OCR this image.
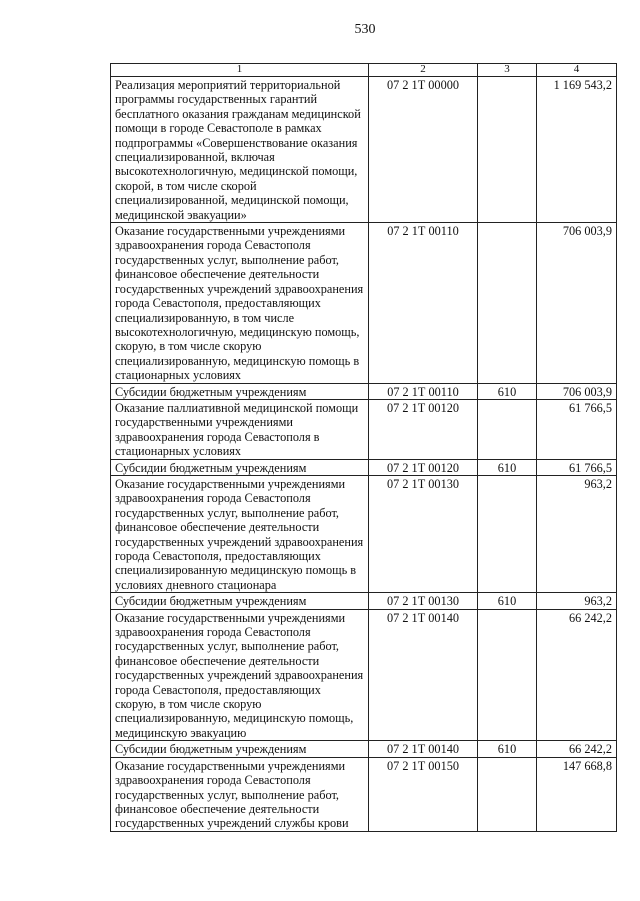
530
1	2	3	4
Реализация мероприятий территориальной программы государственных гарантий бесплатного оказания гражданам медицинской помощи в городе Севастополе в рамках подпрограммы «Совершенствование оказания специализированной, включая высокотехнологичную, медицинской помощи, скорой, в том числе скорой специализированной, медицинской помощи, медицинской эвакуации»	07 2 1Т 00000		1 169 543,2
Оказание государственными учреждениями здравоохранения города Севастополя государственных услуг, выполнение работ, финансовое обеспечение деятельности государственных учреждений здравоохранения города Севастополя, предоставляющих специализированную, в том числе высокотехнологичную, медицинскую помощь, скорую, в том числе скорую специализированную, медицинскую помощь в стационарных условиях	07 2 1Т 00110		706 003,9
Субсидии бюджетным учреждениям	07 2 1Т 00110	610	706 003,9
Оказание паллиативной медицинской помощи государственными учреждениями здравоохранения города Севастополя в стационарных условиях	07 2 1Т 00120		61 766,5
Субсидии бюджетным учреждениям	07 2 1Т 00120	610	61 766,5
Оказание государственными учреждениями здравоохранения города Севастополя государственных услуг, выполнение работ, финансовое обеспечение деятельности государственных учреждений здравоохранения города Севастополя, предоставляющих специализированную медицинскую помощь в условиях дневного стационара	07 2 1Т 00130		963,2
Субсидии бюджетным учреждениям	07 2 1Т 00130	610	963,2
Оказание государственными учреждениями здравоохранения города Севастополя государственных услуг, выполнение работ, финансовое обеспечение деятельности государственных учреждений здравоохранения города Севастополя, предоставляющих скорую, в том числе скорую специализированную, медицинскую помощь, медицинскую эвакуацию	07 2 1Т 00140		66 242,2
Субсидии бюджетным учреждениям	07 2 1Т 00140	610	66 242,2
Оказание государственными учреждениями здравоохранения города Севастополя государственных услуг, выполнение работ, финансовое обеспечение деятельности государственных учреждений службы крови	07 2 1Т 00150		147 668,8
